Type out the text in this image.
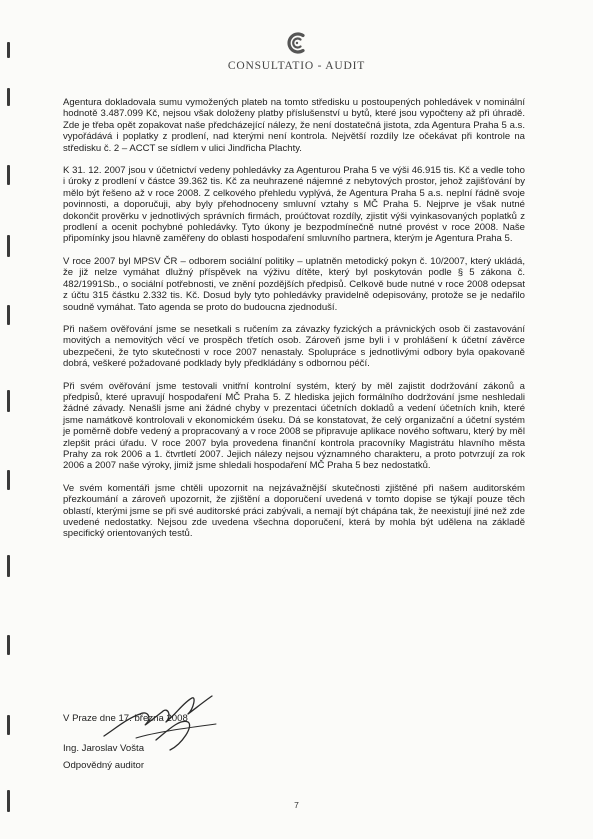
CONSULTATIO - AUDIT

Agentura dokladovala sumu vymožených plateb na tomto středisku u postoupených pohledávek v nominální hodnotě 3.487.099 Kč, nejsou však doloženy platby příslušenství u bytů, které jsou vypočteny až při úhradě. Zde je třeba opět zopakovat naše předcházející nálezy, že není dostatečná jistota, zda Agentura Praha 5 a.s. vypořádává i poplatky z prodlení, nad kterými není kontrola. Největší rozdíly lze očekávat při kontrole na středisku č. 2 – ACCT se sídlem v ulici Jindřicha Plachty.

K 31. 12. 2007 jsou v účetnictví vedeny pohledávky za Agenturou Praha 5 ve výši 46.915 tis. Kč a vedle toho i úroky z prodlení v částce 39.362 tis. Kč za neuhrazené nájemné z nebytových prostor, jehož zajišťování by mělo být řešeno až v roce 2008. Z celkového přehledu vyplývá, že Agentura Praha 5 a.s. neplní řádně svoje povinnosti, a doporučuji, aby byly přehodnoceny smluvní vztahy s MČ Praha 5. Nejprve je však nutné dokončit prověrku v jednotlivých správních firmách, proúčtovat rozdíly, zjistit výši vyinkasovaných poplatků z prodlení a ocenit pochybné pohledávky. Tyto úkony je bezpodmínečně nutné provést v roce 2008. Naše připomínky jsou hlavně zaměřeny do oblasti hospodaření smluvního partnera, kterým je Agentura Praha 5.

V roce 2007 byl MPSV ČR – odborem sociální politiky – uplatněn metodický pokyn č. 10/2007, který ukládá, že již nelze vymáhat dlužný příspěvek na výživu dítěte, který byl poskytován podle § 5 zákona č. 482/1991Sb., o sociální potřebnosti, ve znění pozdějších předpisů. Celkově bude nutné v roce 2008 odepsat z účtu 315 částku 2.332 tis. Kč. Dosud byly tyto pohledávky pravidelně odepisovány, protože se je nedařilo soudně vymáhat. Tato agenda se proto do budoucna zjednoduší.

Při našem ověřování jsme se nesetkali s ručením za závazky fyzických a právnických osob či zastavování movitých a nemovitých věcí ve prospěch třetích osob. Zároveň jsme byli i v prohlášení k účetní závěrce ubezpečeni, že tyto skutečnosti v roce 2007 nenastaly. Spolupráce s jednotlivými odbory byla opakovaně dobrá, veškeré požadované podklady byly předkládány s odbornou péčí.

Při svém ověřování jsme testovali vnitřní kontrolní systém, který by měl zajistit dodržování zákonů a předpisů, které upravují hospodaření MČ Praha 5. Z hlediska jejich formálního dodržování jsme neshledali žádné závady. Nenašli jsme ani žádné chyby v prezentaci účetních dokladů a vedení účetních knih, které jsme namátkově kontrolovali v ekonomickém úseku. Dá se konstatovat, že celý organizační a účetní systém je poměrně dobře vedený a propracovaný a v roce 2008 se připravuje aplikace nového softwaru, který by měl zlepšit práci úřadu. V roce 2007 byla provedena finanční kontrola pracovníky Magistrátu hlavního města Prahy za rok 2006 a 1. čtvrtletí 2007. Jejich nálezy nejsou významného charakteru, a proto potvrzují za rok 2006 a 2007 naše výroky, jimiž jsme shledali hospodaření MČ Praha 5 bez nedostatků.

Ve svém komentáři jsme chtěli upozornit na nejzávažnější skutečnosti zjištěné při našem auditorském přezkoumání a zároveň upozornit, že zjištění a doporučení uvedená v tomto dopise se týkají pouze těch oblastí, kterými jsme se při své auditorské práci zabývali, a nemají být chápána tak, že neexistují jiné než zde uvedené nedostatky. Nejsou zde uvedena všechna doporučení, která by mohla být udělena na základě specifický orientovaných testů.

V Praze dne 17. března 2008
Ing. Jaroslav Vošta
Odpovědný auditor
7
